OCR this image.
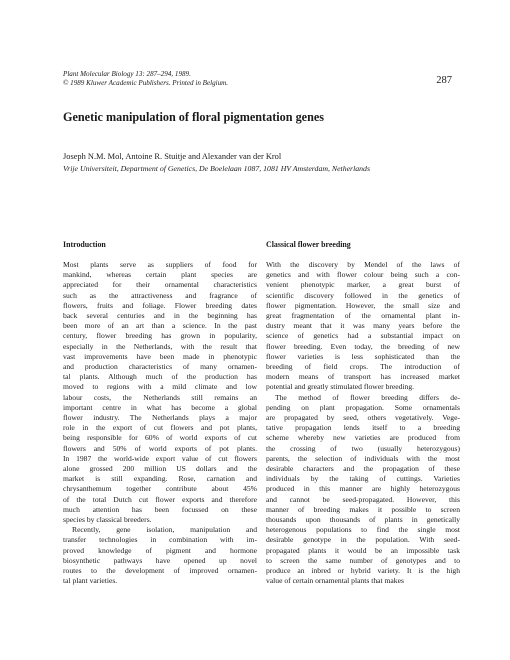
Plant Molecular Biology 13: 287–294, 1989.
© 1989 Kluwer Academic Publishers. Printed in Belgium.	287
Genetic manipulation of floral pigmentation genes
Joseph N.M. Mol, Antoine R. Stuitje and Alexander van der Krol
Vrije Universiteit, Department of Genetics, De Boelelaan 1087, 1081 HV Amsterdam, Netherlands
Introduction
Most plants serve as suppliers of food for
mankind, whereas certain plant species are
appreciated for their ornamental characteristics
such as the attractiveness and fragrance of
flowers, fruits and foliage. Flower breeding dates
back several centuries and in the beginning has
been more of an art than a science. In the past
century, flower breeding has grown in popularity,
especially in the Netherlands, with the result that
vast improvements have been made in phenotypic
and production characteristics of many ornamen-
tal plants. Although much of the production has
moved to regions with a mild climate and low
labour costs, the Netherlands still remains an
important centre in what has become a global
flower industry. The Netherlands plays a major
role in the export of cut flowers and pot plants,
being responsible for 60% of world exports of cut
flowers and 50% of world exports of pot plants.
In 1987 the world-wide export value of cut flowers
alone grossed 200 million US dollars and the
market is still expanding. Rose, carnation and
chrysanthemum together contribute about 45%
of the total Dutch cut flower exports and therefore
much attention has been focussed on these
species by classical breeders.
Recently, gene isolation, manipulation and
transfer technologies in combination with im-
proved knowledge of pigment and hormone
biosynthetic pathways have opened up novel
routes to the development of improved ornamen-
tal plant varieties.
Classical flower breeding
With the discovery by Mendel of the laws of
genetics and with flower colour being such a con-
venient phenotypic marker, a great burst of
scientific discovery followed in the genetics of
flower pigmentation. However, the small size and
great fragmentation of the ornamental plant in-
dustry meant that it was many years before the
science of genetics had a substantial impact on
flower breeding. Even today, the breeding of new
flower varieties is less sophisticated than the
breeding of field crops. The introduction of
modern means of transport has increased market
potential and greatly stimulated flower breeding.
The method of flower breeding differs de-
pending on plant propagation. Some ornamentals
are propagated by seed, others vegetatively. Vege-
tative propagation lends itself to a breeding
scheme whereby new varieties are produced from
the crossing of two (usually heterozygous)
parents, the selection of individuals with the most
desirable characters and the propagation of these
individuals by the taking of cuttings. Varieties
produced in this manner are highly heterozygous
and cannot be seed-propagated. However, this
manner of breeding makes it possible to screen
thousands upon thousands of plants in genetically
heterogenous populations to find the single most
desirable genotype in the population. With seed-
propagated plants it would be an impossible task
to screen the same number of genotypes and to
produce an inbred or hybrid variety. It is the high
value of certain ornamental plants that makes
